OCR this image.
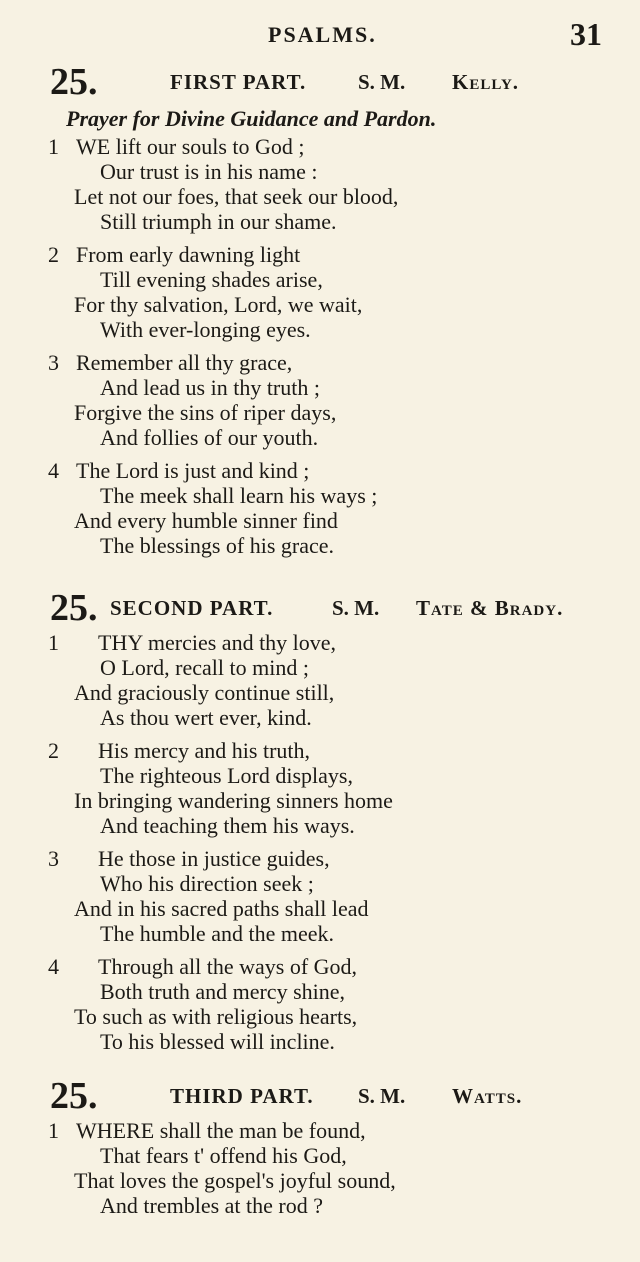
PSALMS.	31
25.	FIRST PART. S. M. Kelly.
Prayer for Divine Guidance and Pardon.
1 WE lift our souls to God ;
Our trust is in his name :
Let not our foes, that seek our blood,
Still triumph in our shame.
2 From early dawning light
Till evening shades arise,
For thy salvation, Lord, we wait,
With ever-longing eyes.
3 Remember all thy grace,
And lead us in thy truth ;
Forgive the sins of riper days,
And follies of our youth.
4 The Lord is just and kind ;
The meek shall learn his ways ;
And every humble sinner find
The blessings of his grace.
25. SECOND PART.	S. M. Tate & Brady.
1	THY mercies and thy love,
O Lord, recall to mind ;
And graciously continue still,
As thou wert ever, kind.
2	His mercy and his truth,
The righteous Lord displays,
In bringing wandering sinners home
And teaching them his ways.
3	He those in justice guides,
Who his direction seek ;
And in his sacred paths shall lead
The humble and the meek.
4	Through all the ways of God,
Both truth and mercy shine,
To such as with religious hearts,
To his blessed will incline.
25.	THIRD PART. S. M. Watts.
1 WHERE shall the man be found,
That fears t' offend his God,
That loves the gospel's joyful sound,
And trembles at the rod ?
